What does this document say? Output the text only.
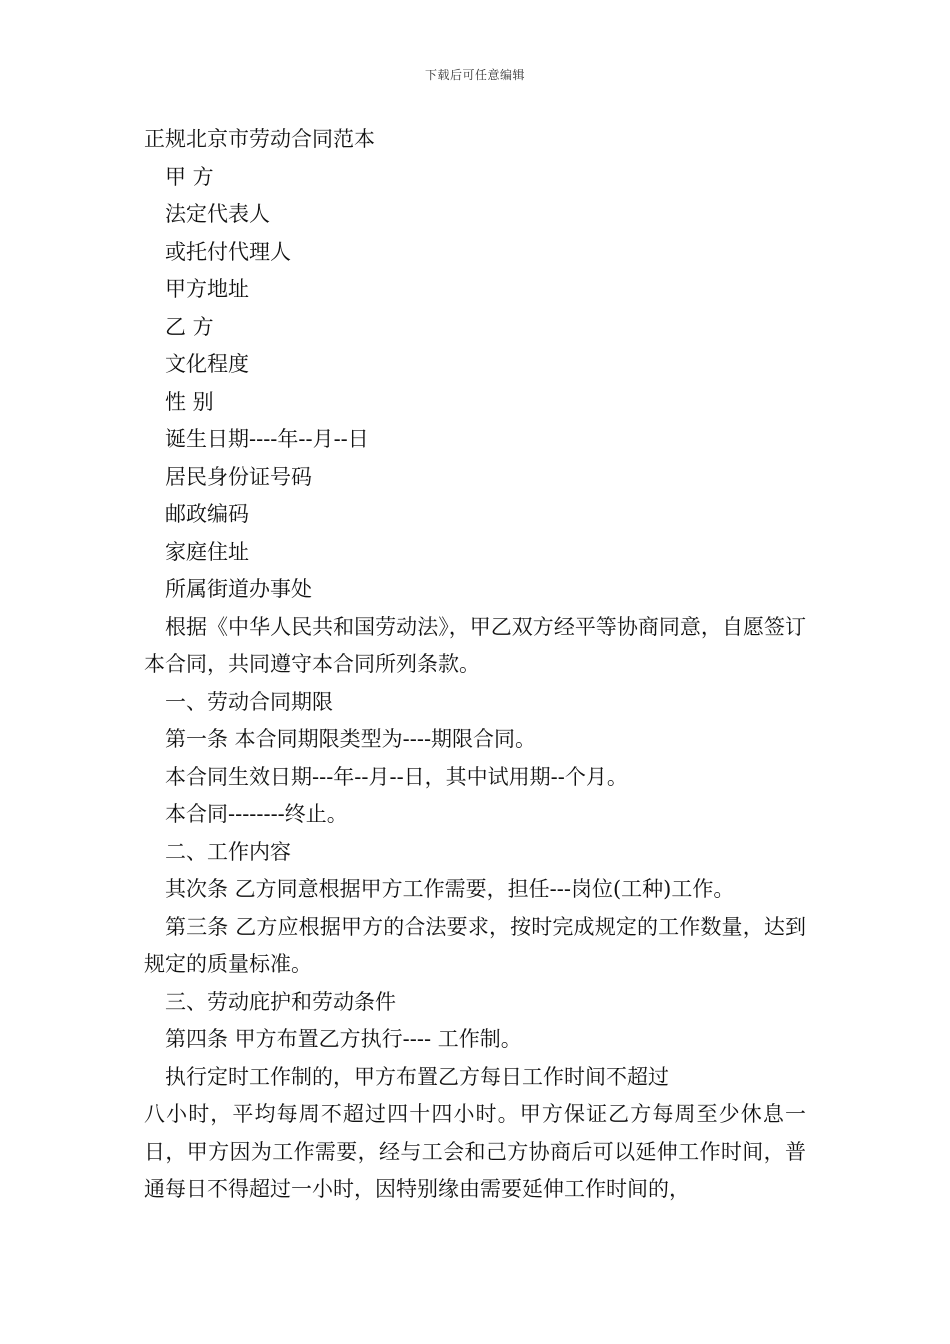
下载后可任意编辑
正规北京市劳动合同范本
甲 方
法定代表人
或托付代理人
甲方地址
乙 方
文化程度
性 别
诞生日期----年--月--日
居民身份证号码
邮政编码
家庭住址
所属街道办事处
根据《中华人民共和国劳动法》，甲乙双方经平等协商同意，自愿签订本合同，共同遵守本合同所列条款。
一、劳动合同期限
第一条 本合同期限类型为----期限合同。
本合同生效日期---年--月--日，其中试用期--个月。
本合同--------终止。
二、工作内容
其次条 乙方同意根据甲方工作需要，担任---岗位(工种)工作。
第三条 乙方应根据甲方的合法要求，按时完成规定的工作数量，达到规定的质量标准。
三、劳动庇护和劳动条件
第四条 甲方布置乙方执行---- 工作制。
执行定时工作制的，甲方布置乙方每日工作时间不超过
八小时，平均每周不超过四十四小时。甲方保证乙方每周至少休息一日，甲方因为工作需要，经与工会和己方协商后可以延伸工作时间，普通每日不得超过一小时，因特别缘由需要延伸工作时间的，
